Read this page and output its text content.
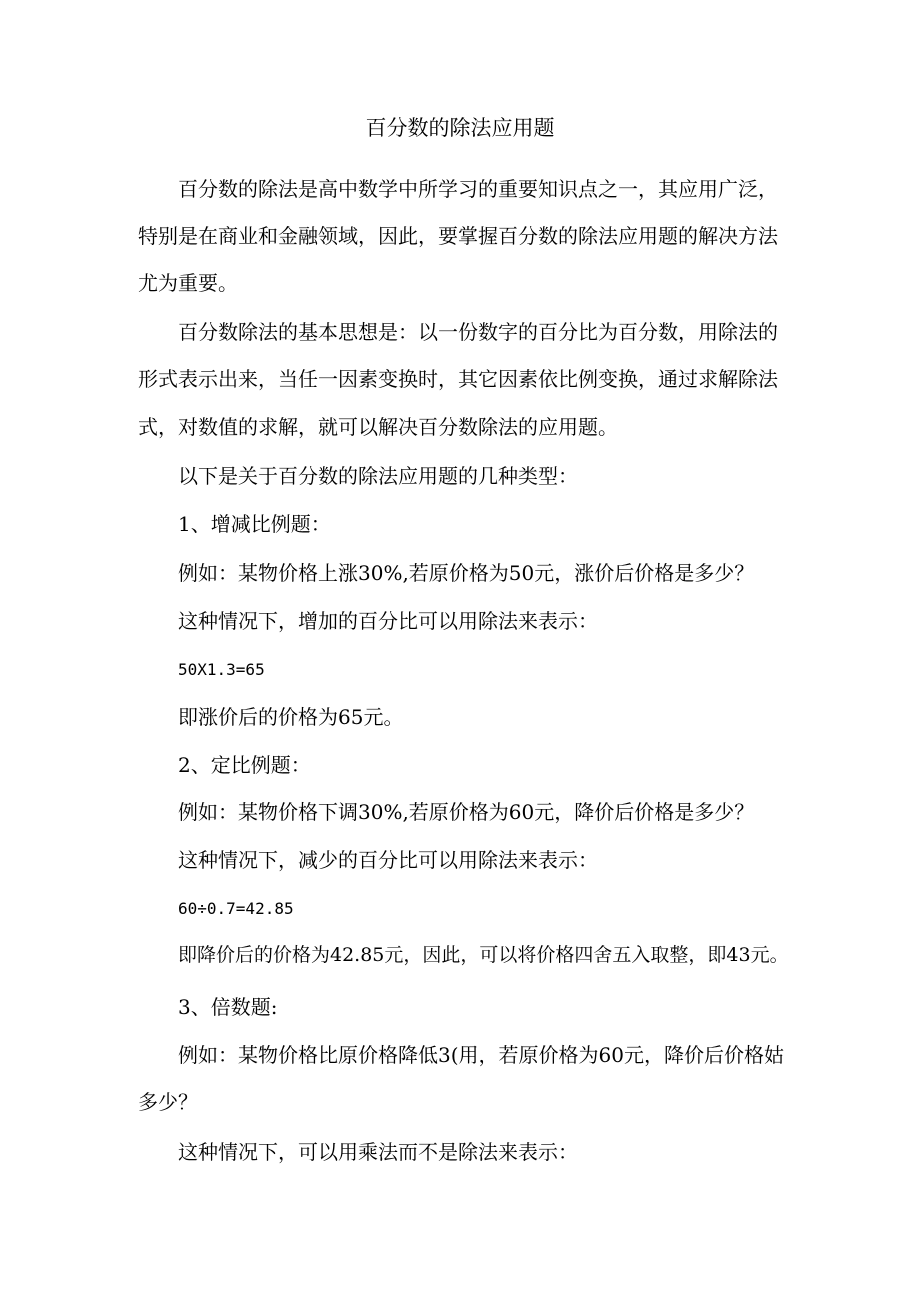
百分数的除法应用题
百分数的除法是高中数学中所学习的重要知识点之一，其应用广泛，
特别是在商业和金融领域，因此，要掌握百分数的除法应用题的解决方法
尤为重要。
百分数除法的基本思想是：以一份数字的百分比为百分数，用除法的
形式表示出来，当任一因素变换时，其它因素依比例变换，通过求解除法
式，对数值的求解，就可以解决百分数除法的应用题。
以下是关于百分数的除法应用题的几种类型：
1、增减比例题：
例如：某物价格上涨30%,若原价格为50元，涨价后价格是多少？
这种情况下，增加的百分比可以用除法来表示：
50X1.3=65
即涨价后的价格为65元。
2、定比例题：
例如：某物价格下调30%,若原价格为60元，降价后价格是多少？
这种情况下，减少的百分比可以用除法来表示：
60÷0.7=42.85
即降价后的价格为42.85元，因此，可以将价格四舍五入取整，即43元。
3、倍数题:
例如：某物价格比原价格降低3(用，若原价格为60元，降价后价格姑
多少？
这种情况下，可以用乘法而不是除法来表示：
